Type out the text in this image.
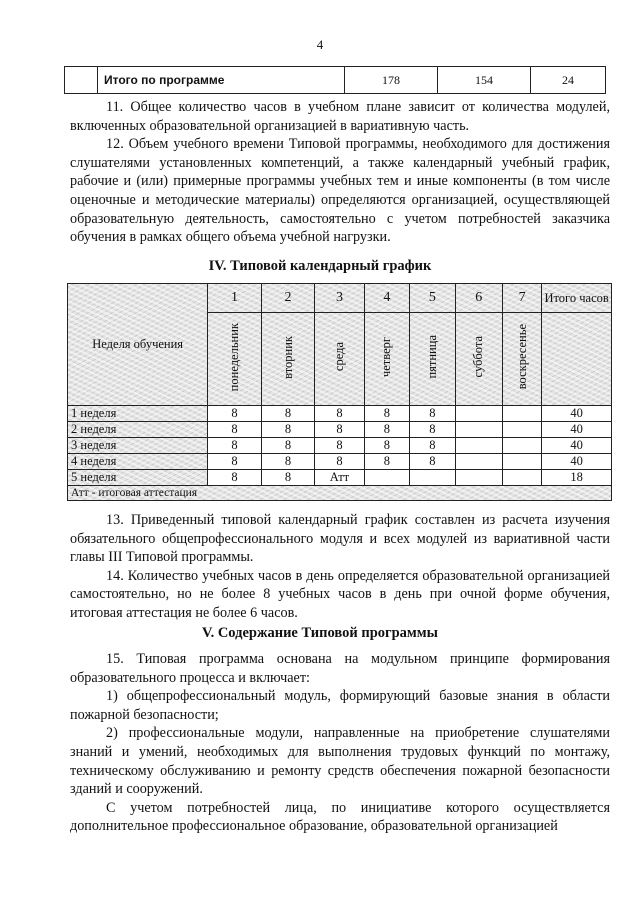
4
	Итого по программе	178	154	24

11. Общее количество часов в учебном плане зависит от количества модулей, включенных образовательной организацией в вариативную часть.

12. Объем учебного времени Типовой программы, необходимого для достижения слушателями установленных компетенций, а также календарный учебный график, рабочие и (или) примерные программы учебных тем и иные компоненты (в том числе оценочные и методические материалы) определяются организацией, осуществляющей образовательную деятельность, самостоятельно с учетом потребностей заказчика обучения в рамках общего объема учебной нагрузки.

IV. Типовой календарный график
Неделя обучения	1	2	3	4	5	6	7	Итого часов
	понедельник	вторник	среда	четверг	пятница	суббота	воскресенье	
1 неделя	8	8	8	8	8			40
2 неделя	8	8	8	8	8			40
3 неделя	8	8	8	8	8			40
4 неделя	8	8	8	8	8			40
5 неделя	8	8	Атт					18
Атт - итоговая аттестация								

13. Приведенный типовой календарный график составлен из расчета изучения обязательного общепрофессионального модуля и всех модулей из вариативной части главы III Типовой программы.

14. Количество учебных часов в день определяется образовательной организацией самостоятельно, но не более 8 учебных часов в день при очной форме обучения, итоговая аттестация не более 6 часов.

V. Содержание Типовой программы

15. Типовая программа основана на модульном принципе формирования образовательного процесса и включает:

1) общепрофессиональный модуль, формирующий базовые знания в области пожарной безопасности;

2) профессиональные модули, направленные на приобретение слушателями знаний и умений, необходимых для выполнения трудовых функций по монтажу, техническому обслуживанию и ремонту средств обеспечения пожарной безопасности зданий и сооружений.

С учетом потребностей лица, по инициативе которого осуществляется дополнительное профессиональное образование, образовательной организацией
